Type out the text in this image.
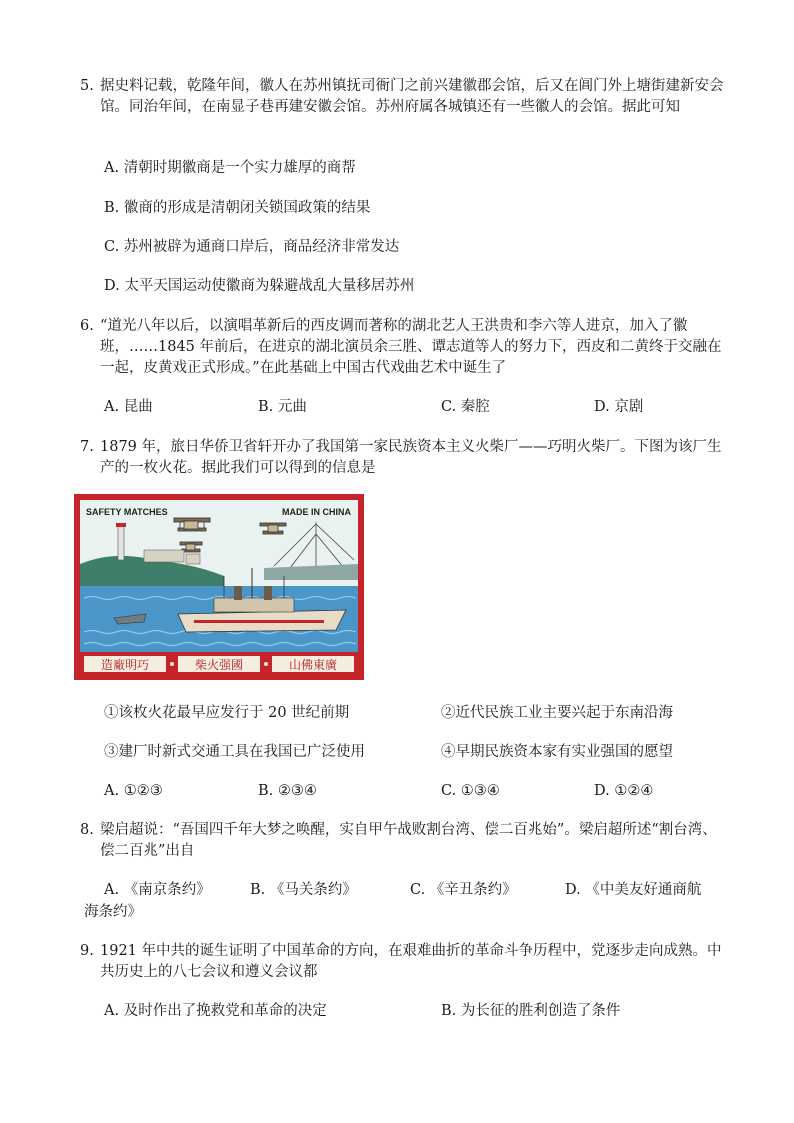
5. 据史料记载，乾隆年间，徽人在苏州镇抚司衙门之前兴建徽郡会馆，后又在阊门外上塘街建新安会馆。同治年间，在南显子巷再建安徽会馆。苏州府属各城镇还有一些徽人的会馆。据此可知
A. 清朝时期徽商是一个实力雄厚的商帮
B. 徽商的形成是清朝闭关锁国政策的结果
C. 苏州被辟为通商口岸后，商品经济非常发达
D. 太平天国运动使徽商为躲避战乱大量移居苏州
6. “道光八年以后，以演唱革新后的西皮调而著称的湖北艺人王洪贵和李六等人进京，加入了徽班，……1845 年前后，在进京的湖北演员余三胜、谭志道等人的努力下，西皮和二黄终于交融在一起，皮黄戏正式形成。”在此基础上中国古代戏曲艺术中诞生了
A. 昆曲	B. 元曲	C. 秦腔	D. 京剧
7. 1879 年，旅日华侨卫省轩开办了我国第一家民族资本主义火柴厂——巧明火柴厂。下图为该厂生产的一枚火花。据此我们可以得到的信息是
SAFETY MATCHES	MADE IN CHINA
造廠明巧	柴火强國	山佛東廣
①该枚火花最早应发行于 20 世纪前期	②近代民族工业主要兴起于东南沿海
③建厂时新式交通工具在我国已广泛使用	④早期民族资本家有实业强国的愿望
A. ①②③	B. ②③④	C. ①③④	D. ①②④
8. 梁启超说：“吾国四千年大梦之唤醒，实自甲午战败割台湾、偿二百兆始”。梁启超所述“割台湾、偿二百兆”出自
A. 《南京条约》	B. 《马关条约》	C. 《辛丑条约》	D. 《中美友好通商航
海条约》
9. 1921 年中共的诞生证明了中国革命的方向，在艰难曲折的革命斗争历程中，党逐步走向成熟。中共历史上的八七会议和遵义会议都
A. 及时作出了挽救党和革命的决定	B. 为长征的胜利创造了条件
